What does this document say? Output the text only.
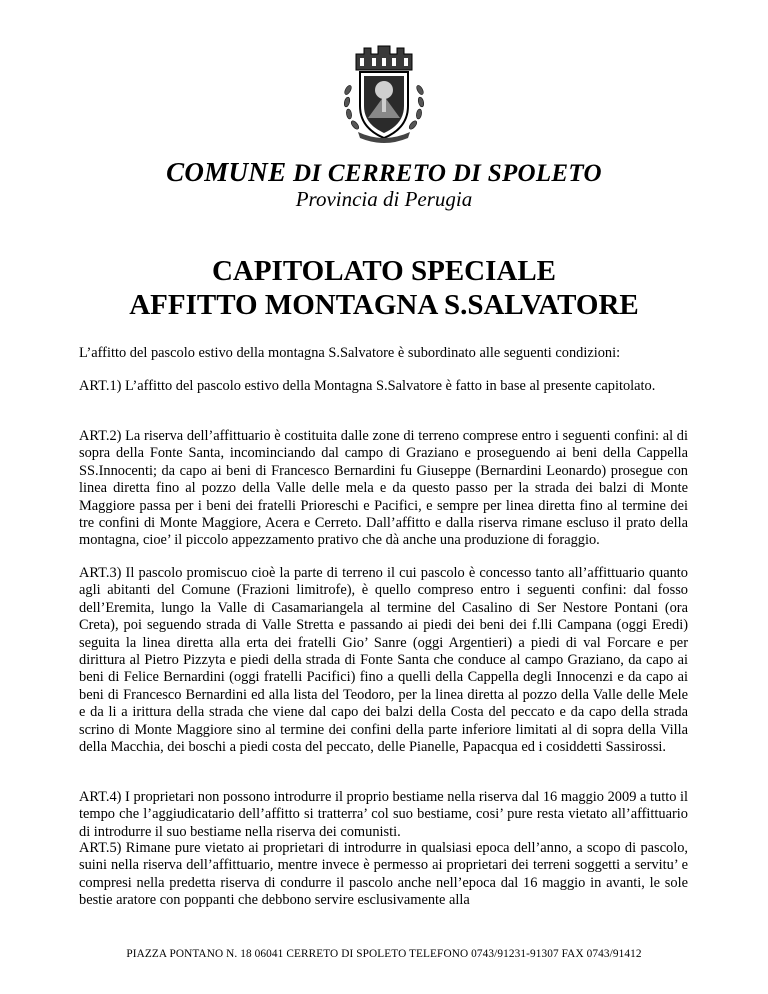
COMUNE DI CERRETO DI SPOLETO
Provincia di Perugia
CAPITOLATO SPECIALE
AFFITTO MONTAGNA S.SALVATORE

L’affitto del pascolo estivo della montagna S.Salvatore è subordinato alle seguenti condizioni:

ART.1) L’affitto del pascolo estivo della Montagna S.Salvatore è fatto in base al presente capitolato.

ART.2) La riserva dell’affittuario è costituita dalle zone di terreno comprese entro i seguenti confini: al di sopra della Fonte Santa, incominciando dal campo di Graziano e proseguendo ai beni della Cappella SS.Innocenti; da capo ai beni di Francesco Bernardini fu Giuseppe (Bernardini Leonardo) prosegue con linea diretta fino al pozzo della Valle delle mela e da questo passo per la strada dei balzi di Monte Maggiore passa per i beni dei fratelli Prioreschi e Pacifici, e sempre per linea diretta fino al termine dei tre confini di Monte Maggiore, Acera e Cerreto. Dall’affitto e dalla riserva rimane escluso il prato della montagna, cioe’ il piccolo appezzamento prativo che dà anche una produzione di foraggio.

ART.3) Il pascolo promiscuo cioè la parte di terreno il cui pascolo è concesso tanto all’affittuario quanto agli abitanti del Comune (Frazioni limitrofe), è quello compreso entro i seguenti confini: dal fosso dell’Eremita, lungo la Valle di Casamariangela al termine del Casalino di Ser Nestore Pontani (ora Creta), poi seguendo strada di Valle Stretta e passando ai piedi dei beni dei f.lli Campana (oggi Eredi) seguita la linea diretta alla erta dei fratelli Gio’ Sanre (oggi Argentieri) a piedi di val Forcare e per dirittura al Pietro Pizzyta e piedi della strada di Fonte Santa che conduce al campo Graziano, da capo ai beni di Felice Bernardini (oggi fratelli Pacifici) fino a quelli della Cappella degli Innocenzi e da capo ai beni di Francesco Bernardini ed alla lista del Teodoro, per la linea diretta al pozzo della Valle delle Mele e da li a irittura della strada che viene dal capo dei balzi della Costa del peccato e da capo della strada scrino di Monte Maggiore sino al termine dei confini della parte inferiore limitati al di sopra della Villa della Macchia, dei boschi a piedi costa del peccato, delle Pianelle, Papacqua ed i cosiddetti Sassirossi.

ART.4) I proprietari non possono introdurre il proprio bestiame nella riserva dal 16 maggio 2009 a tutto il tempo che l’aggiudicatario dell’affitto si tratterra’ col suo bestiame, cosi’ pure resta vietato all’affittuario di introdurre il suo bestiame nella riserva dei comunisti.

ART.5) Rimane pure vietato ai proprietari di introdurre in qualsiasi epoca dell’anno, a scopo di pascolo, suini nella riserva dell’affittuario, mentre invece è permesso ai proprietari dei terreni soggetti a servitu’ e compresi nella predetta riserva di condurre il pascolo anche nell’epoca dal 16 maggio in avanti, le sole bestie aratore con poppanti che debbono servire esclusivamente alla

PIAZZA PONTANO N. 18 06041 CERRETO DI SPOLETO TELEFONO 0743/91231-91307 FAX 0743/91412
